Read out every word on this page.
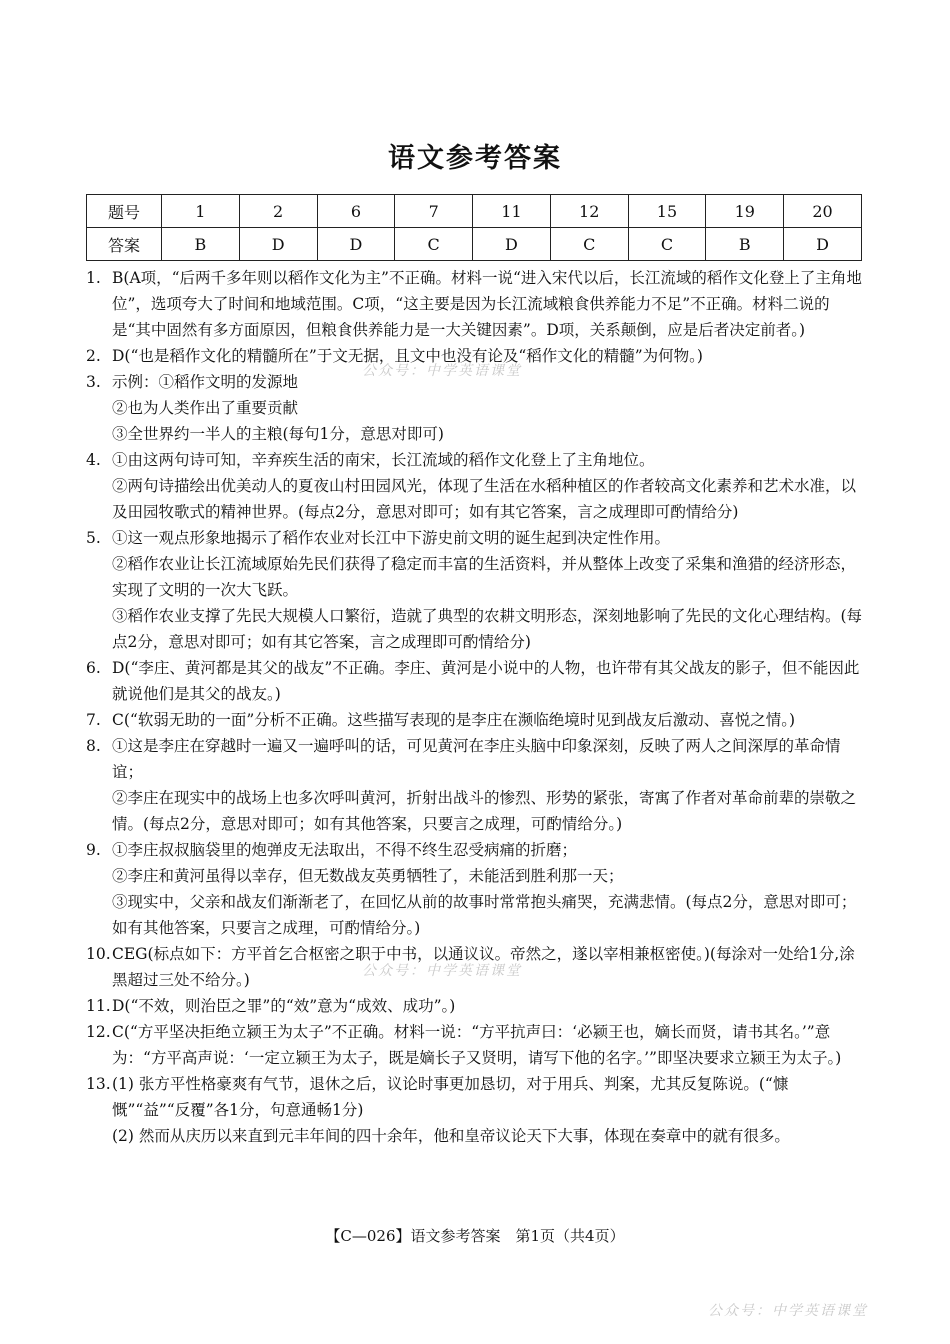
语文参考答案
题号	1	2	6	7	11	12	15	19	20
答案	B	D	D	C	D	C	C	B	D
1. B(A项，“后两千多年则以稻作文化为主”不正确。材料一说“进入宋代以后，长江流域的稻作文化登上了主角地位”，选项夸大了时间和地域范围。C项，“这主要是因为长江流域粮食供养能力不足”不正确。材料二说的是“其中固然有多方面原因，但粮食供养能力是一大关键因素”。D项，关系颠倒，应是后者决定前者。)
2. D(“也是稻作文化的精髓所在”于文无据，且文中也没有论及“稻作文化的精髓”为何物。)
3. 示例：①稻作文明的发源地
②也为人类作出了重要贡献
③全世界约一半人的主粮(每句1分，意思对即可)
4. ①由这两句诗可知，辛弃疾生活的南宋，长江流域的稻作文化登上了主角地位。
②两句诗描绘出优美动人的夏夜山村田园风光，体现了生活在水稻种植区的作者较高文化素养和艺术水准，以及田园牧歌式的精神世界。(每点2分，意思对即可；如有其它答案，言之成理即可酌情给分)
5. ①这一观点形象地揭示了稻作农业对长江中下游史前文明的诞生起到决定性作用。
②稻作农业让长江流域原始先民们获得了稳定而丰富的生活资料，并从整体上改变了采集和渔猎的经济形态，实现了文明的一次大飞跃。
③稻作农业支撑了先民大规模人口繁衍，造就了典型的农耕文明形态，深刻地影响了先民的文化心理结构。(每点2分，意思对即可；如有其它答案，言之成理即可酌情给分)
6. D(“李庄、黄河都是其父的战友”不正确。李庄、黄河是小说中的人物，也许带有其父战友的影子，但不能因此就说他们是其父的战友。)
7. C(“软弱无助的一面”分析不正确。这些描写表现的是李庄在濒临绝境时见到战友后激动、喜悦之情。)
8. ①这是李庄在穿越时一遍又一遍呼叫的话，可见黄河在李庄头脑中印象深刻，反映了两人之间深厚的革命情谊；
②李庄在现实中的战场上也多次呼叫黄河，折射出战斗的惨烈、形势的紧张，寄寓了作者对革命前辈的崇敬之情。(每点2分，意思对即可；如有其他答案，只要言之成理，可酌情给分。)
9. ①李庄叔叔脑袋里的炮弹皮无法取出，不得不终生忍受病痛的折磨；
②李庄和黄河虽得以幸存，但无数战友英勇牺牲了，未能活到胜利那一天；
③现实中，父亲和战友们渐渐老了，在回忆从前的故事时常常抱头痛哭，充满悲情。(每点2分，意思对即可；如有其他答案，只要言之成理，可酌情给分。)
10. CEG(标点如下：方平首乞合枢密之职于中书，以通议议。帝然之，遂以宰相兼枢密使。)(每涂对一处给1分,涂黑超过三处不给分。)
11. D(“不效，则治臣之罪”的“效”意为“成效、成功”。)
12. C(“方平坚决拒绝立颍王为太子”不正确。材料一说：“方平抗声曰：‘必颍王也，嫡长而贤，请书其名。’”意为：“方平高声说：‘一定立颍王为太子，既是嫡长子又贤明，请写下他的名字。’”即坚决要求立颍王为太子。)
13. (1) 张方平性格豪爽有气节，退休之后，议论时事更加恳切，对于用兵、判案，尤其反复陈说。(“慷慨”“益”“反覆”各1分，句意通畅1分)
(2) 然而从庆历以来直到元丰年间的四十余年，他和皇帝议论天下大事，体现在奏章中的就有很多。
公众号：中学英语课堂
公众号：中学英语课堂
公众号：中学英语课堂
【C—026】语文参考答案　第1页（共4页）
